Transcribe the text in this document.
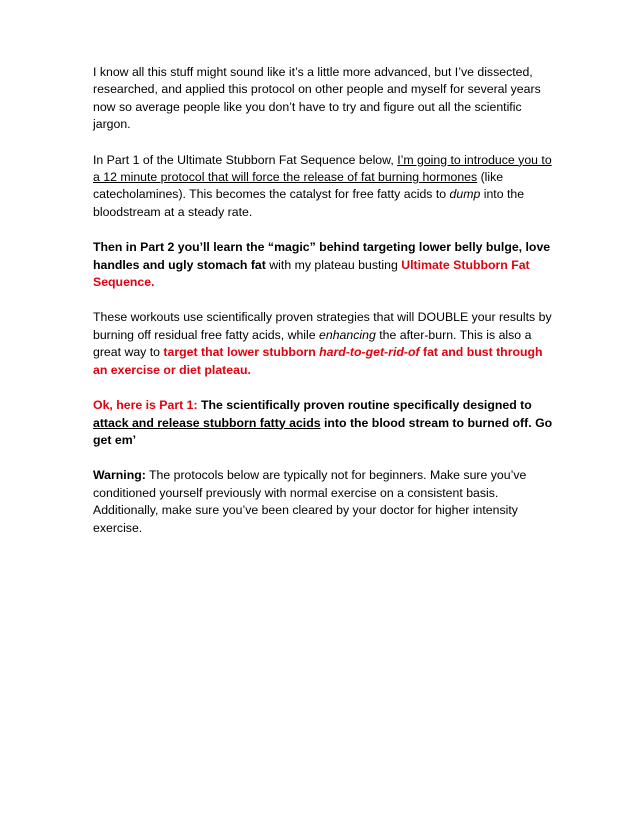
I know all this stuff might sound like it’s a little more advanced, but I’ve dissected, researched, and applied this protocol on other people and myself for several years now so average people like you don’t have to try and figure out all the scientific jargon.

In Part 1 of the Ultimate Stubborn Fat Sequence below, I’m going to introduce you to a 12 minute protocol that will force the release of fat burning hormones (like catecholamines). This becomes the catalyst for free fatty acids to dump into the bloodstream at a steady rate.

Then in Part 2 you’ll learn the “magic” behind targeting lower belly bulge, love handles and ugly stomach fat with my plateau busting Ultimate Stubborn Fat Sequence.

These workouts use scientifically proven strategies that will DOUBLE your results by burning off residual free fatty acids, while enhancing the after-burn. This is also a great way to target that lower stubborn hard-to-get-rid-of fat and bust through an exercise or diet plateau.

Ok, here is Part 1: The scientifically proven routine specifically designed to attack and release stubborn fatty acids into the blood stream to burned off. Go get em’

Warning: The protocols below are typically not for beginners. Make sure you’ve conditioned yourself previously with normal exercise on a consistent basis. Additionally, make sure you’ve been cleared by your doctor for higher intensity exercise.
